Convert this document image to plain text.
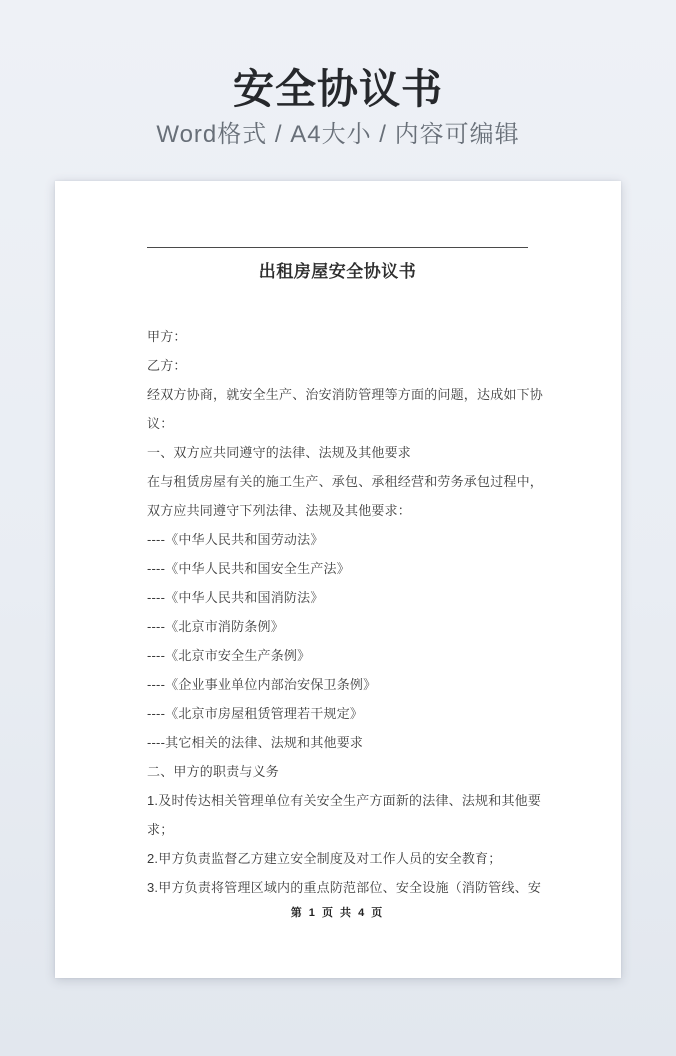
安全协议书
Word格式 / A4大小 / 内容可编辑
出租房屋安全协议书
甲方：
乙方：
经双方协商，就安全生产、治安消防管理等方面的问题，达成如下协
议：
一、双方应共同遵守的法律、法规及其他要求
在与租赁房屋有关的施工生产、承包、承租经营和劳务承包过程中，
双方应共同遵守下列法律、法规及其他要求：
----《中华人民共和国劳动法》
----《中华人民共和国安全生产法》
----《中华人民共和国消防法》
----《北京市消防条例》
----《北京市安全生产条例》
----《企业事业单位内部治安保卫条例》
----《北京市房屋租赁管理若干规定》
----其它相关的法律、法规和其他要求
二、甲方的职责与义务
1.及时传达相关管理单位有关安全生产方面新的法律、法规和其他要
求；
2.甲方负责监督乙方建立安全制度及对工作人员的安全教育；
3.甲方负责将管理区域内的重点防范部位、安全设施（消防管线、安
第 1 页 共 4 页
